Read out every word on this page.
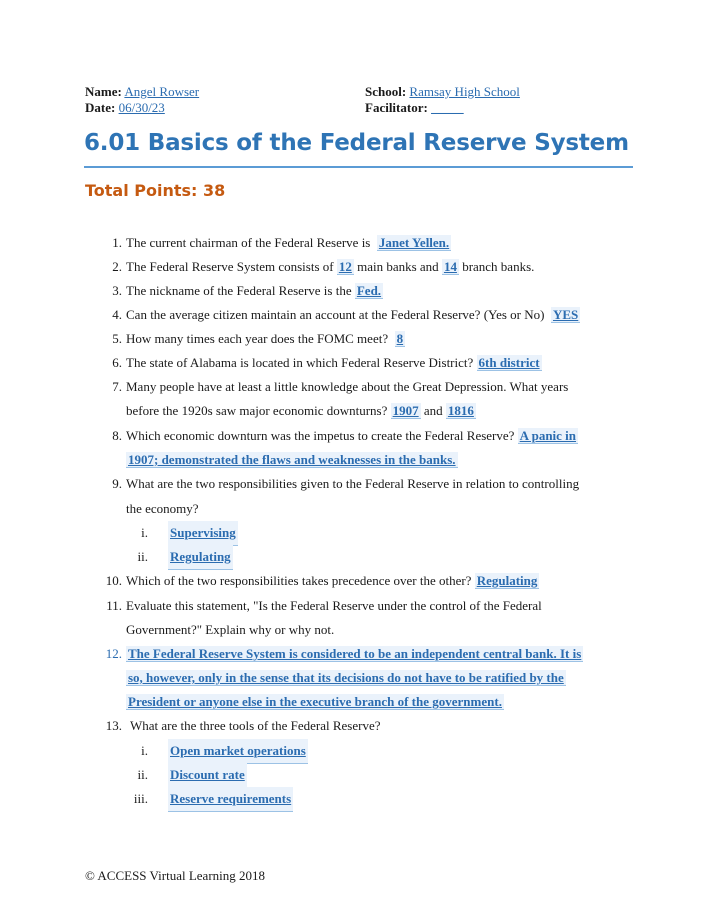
Name: Angel Rowser	School: Ramsay High School
Date: 06/30/23	Facilitator: _____
6.01 Basics of the Federal Reserve System
Total Points: 38
1. The current chairman of the Federal Reserve is Janet Yellen.
2. The Federal Reserve System consists of 12 main banks and 14 branch banks.
3. The nickname of the Federal Reserve is the Fed.
4. Can the average citizen maintain an account at the Federal Reserve? (Yes or No) YES
5. How many times each year does the FOMC meet? 8
6. The state of Alabama is located in which Federal Reserve District? 6th district
7. Many people have at least a little knowledge about the Great Depression. What years
before the 1920s saw major economic downturns? 1907 and 1816
8. Which economic downturn was the impetus to create the Federal Reserve? A panic in
1907; demonstrated the flaws and weaknesses in the banks.
9. What are the two responsibilities given to the Federal Reserve in relation to controlling
the economy?
i. Supervising
ii. Regulating
10. Which of the two responsibilities takes precedence over the other? Regulating
11. Evaluate this statement, "Is the Federal Reserve under the control of the Federal
Government?" Explain why or why not.
12. The Federal Reserve System is considered to be an independent central bank. It is
so, however, only in the sense that its decisions do not have to be ratified by the
President or anyone else in the executive branch of the government.
13. What are the three tools of the Federal Reserve?
i. Open market operations
ii. Discount rate
iii. Reserve requirements
© ACCESS Virtual Learning 2018
